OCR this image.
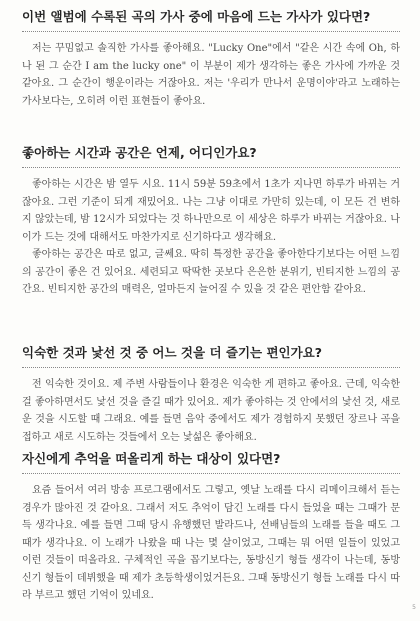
이번 앨범에 수록된 곡의 가사 중에 마음에 드는 가사가 있다면?

저는 꾸밈없고 솔직한 가사를 좋아해요. "Lucky One"에서 "같은 시간 속에 Oh, 하나 된 그 순간 I am the lucky one" 이 부분이 제가 생각하는 좋은 가사에 가까운 것 같아요. 그 순간이 행운이라는 거잖아요. 저는 '우리가 만나서 운명이야'라고 노래하는 가사보다는, 오히려 이런 표현들이 좋아요.

좋아하는 시간과 공간은 언제, 어디인가요?

좋아하는 시간은 밤 열두 시요. 11시 59분 59초에서 1초가 지나면 하루가 바뀌는 거잖아요. 그런 기준이 되게 재밌어요. 나는 그냥 이대로 가만히 있는데, 이 모든 건 변하지 않았는데, 밤 12시가 되었다는 것 하나만으로 이 세상은 하루가 바뀌는 거잖아요. 나이가 드는 것에 대해서도 마찬가지로 신기하다고 생각해요.

좋아하는 공간은 따로 없고, 글쎄요. 딱히 특정한 공간을 좋아한다기보다는 어떤 느낌의 공간이 좋은 건 있어요. 세련되고 딱딱한 곳보다 은은한 분위기, 빈티지한 느낌의 공간요. 빈티지한 공간의 매력은, 얼마든지 늘어질 수 있을 것 같은 편안함 같아요.

익숙한 것과 낯선 것 중 어느 것을 더 즐기는 편인가요?

전 익숙한 것이요. 제 주변 사람들이나 환경은 익숙한 게 편하고 좋아요. 근데, 익숙한 걸 좋아하면서도 낯선 것을 즐길 때가 있어요. 제가 좋아하는 것 안에서의 낯선 것, 새로운 것을 시도할 때 그래요. 예를 들면 음악 중에서도 제가 경험하지 못했던 장르나 곡을 접하고 새로 시도하는 것들에서 오는 낯섦은 좋아해요.

자신에게 추억을 떠올리게 하는 대상이 있다면?

요즘 들어서 여러 방송 프로그램에서도 그렇고, 옛날 노래를 다시 리메이크해서 듣는 경우가 많아진 것 같아요. 그래서 저도 추억이 담긴 노래를 다시 들었을 때는 그때가 문득 생각나요. 예를 들면 그때 당시 유행했던 발라드나, 선배님들의 노래를 들을 때도 그때가 생각나요. 이 노래가 나왔을 때 나는 몇 살이었고, 그때는 뭐 어떤 일들이 있었고 이런 것들이 떠올라요. 구체적인 곡을 꼽기보다는, 동방신기 형들 생각이 나는데, 동방신기 형들이 데뷔했을 때 제가 초등학생이었거든요. 그때 동방신기 형들 노래를 다시 따라 부르고 했던 기억이 있네요.

5
